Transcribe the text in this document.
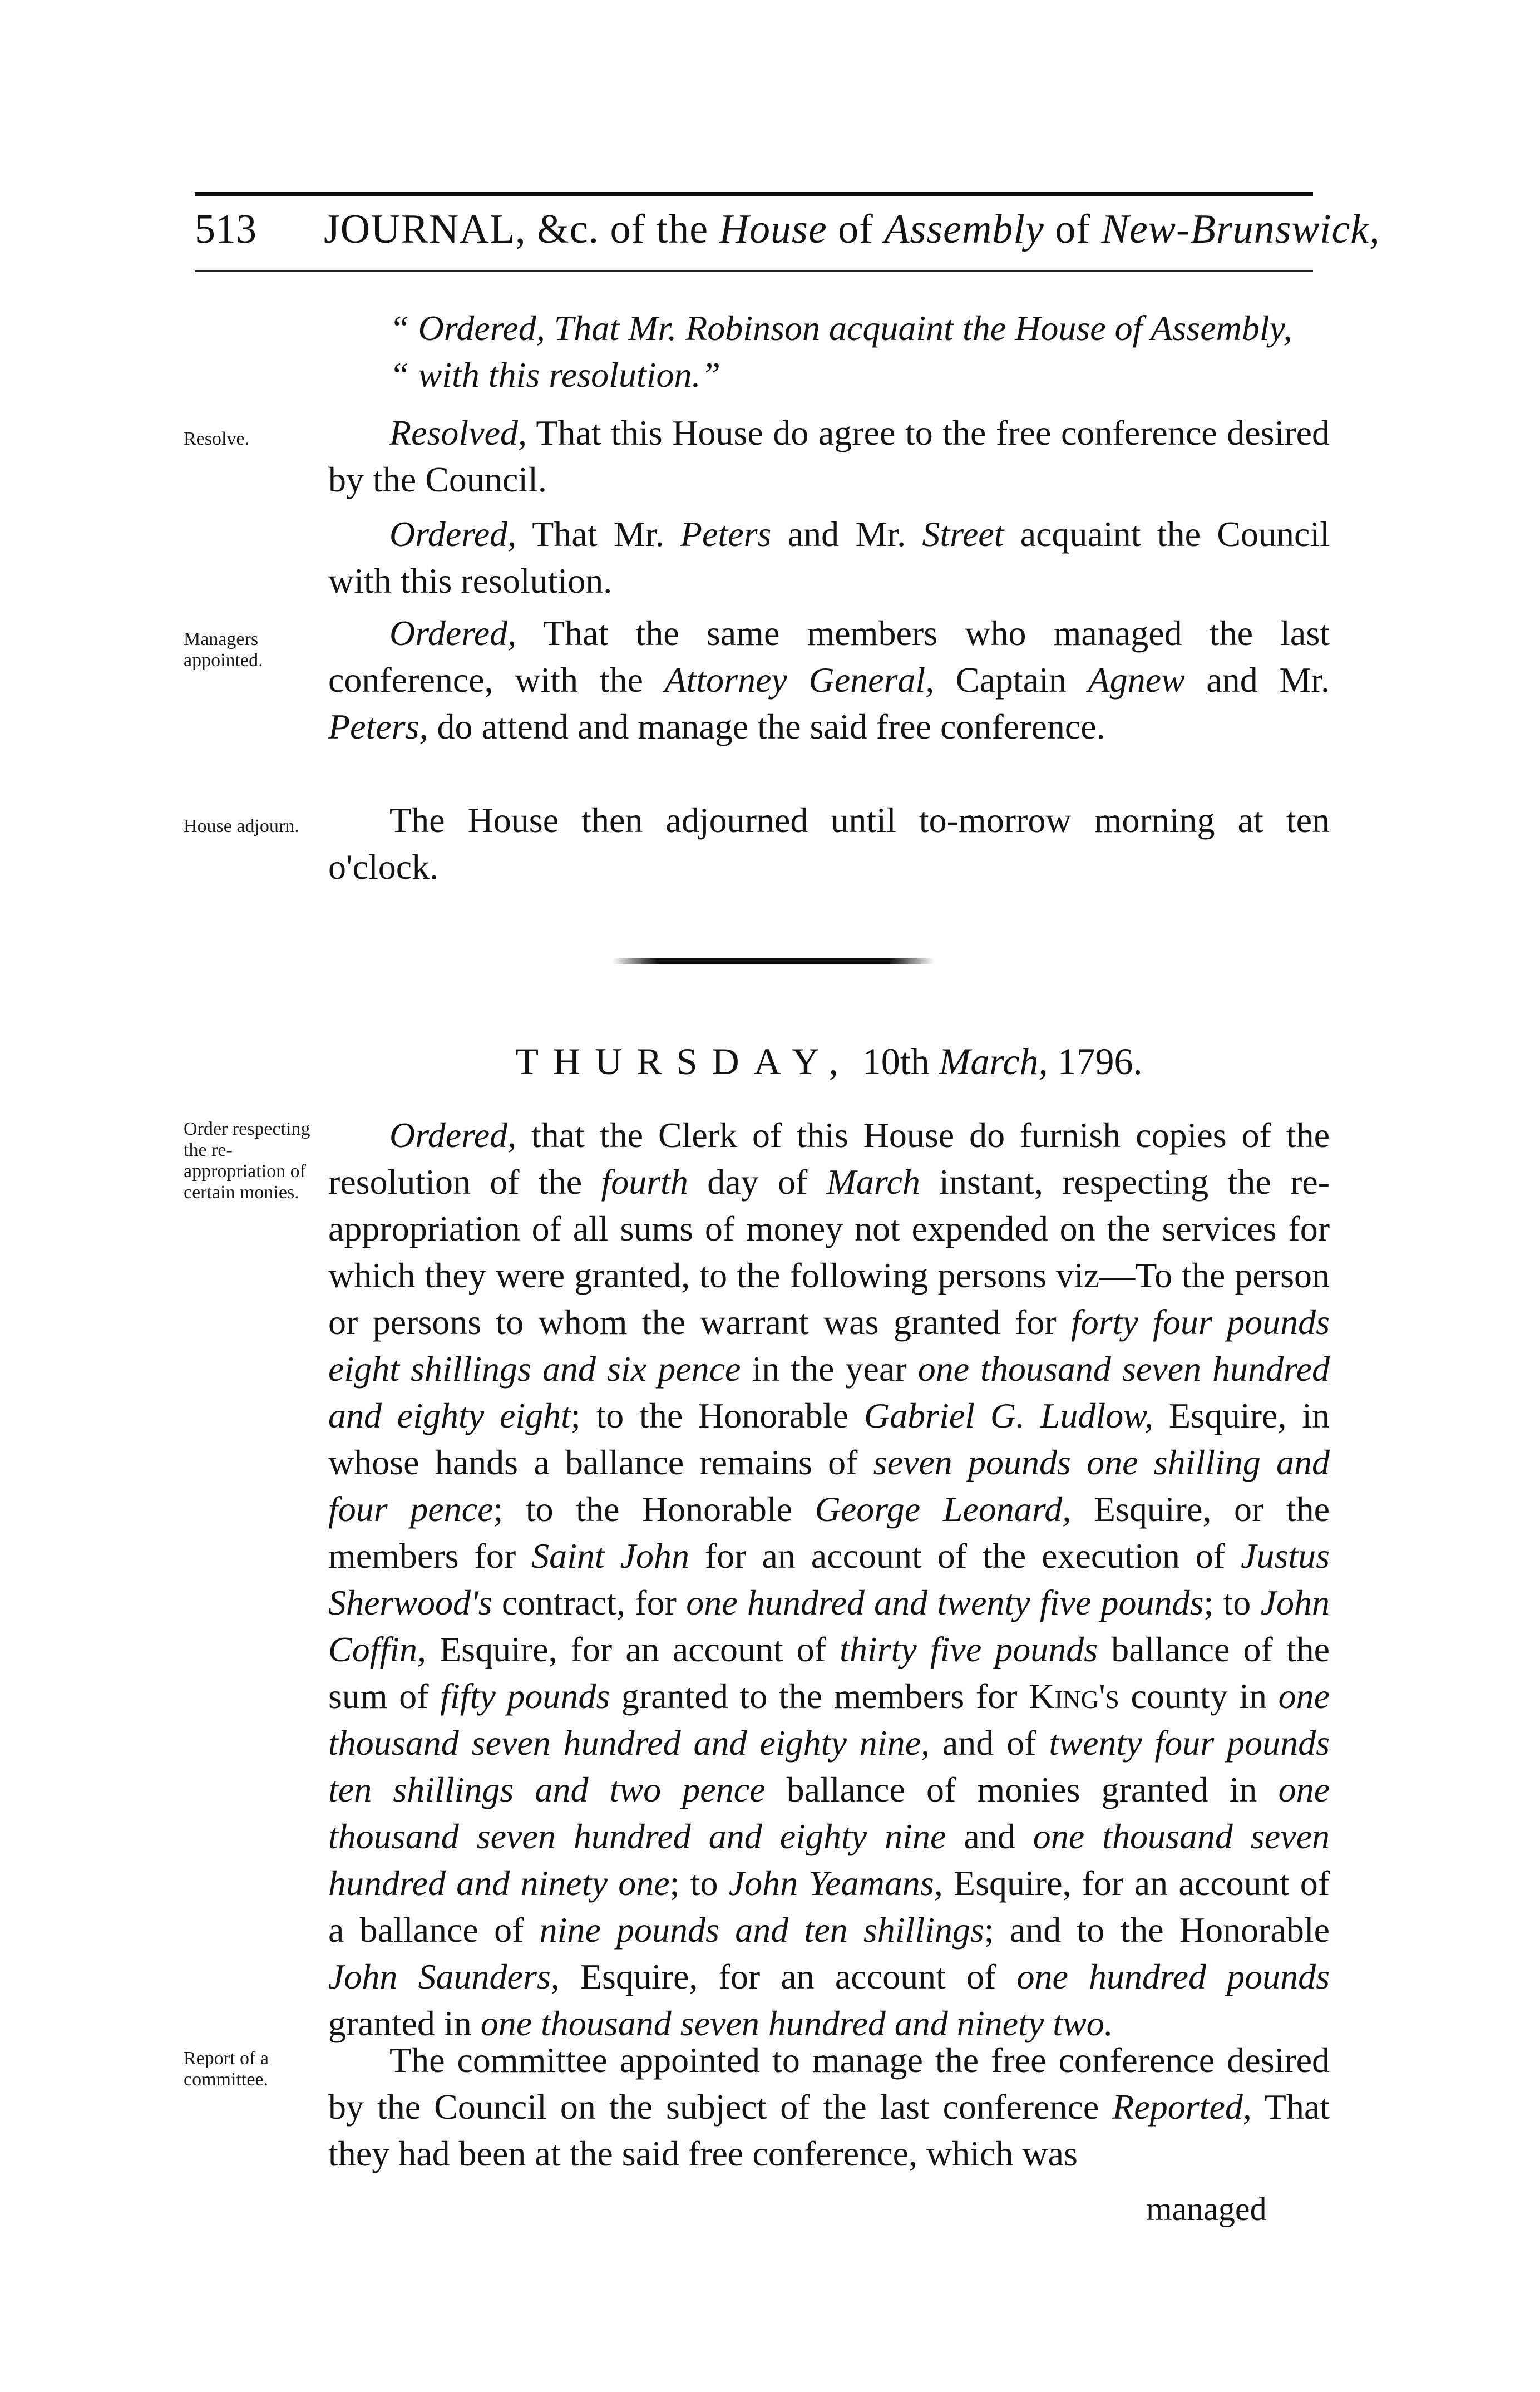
513 JOURNAL, &c. of the House of Assembly of New-Brunswick,

“ Ordered, That Mr. Robinson acquaint the House of Assembly,

“ with this resolution.”

Resolve.	Resolved, That this House do agree to the free conference desired by the Council.

Ordered, That Mr. Peters and Mr. Street acquaint the Council with this resolution.

Managers appointed.

Ordered, That the same members who managed the last conference, with the Attorney General, Captain Agnew and Mr. Peters, do attend and manage the said free conference.

House adjourn.	The House then adjourned until to-morrow morning at ten o'clock.

THURSDAY, 10th March, 1796.
Order respecting the re-appropriation of certain monies.

Ordered, that the Clerk of this House do furnish copies of the resolution of the fourth day of March instant, respecting the re-appropriation of all sums of money not expended on the services for which they were granted, to the following persons viz—To the person or persons to whom the warrant was granted for forty four pounds eight shillings and six pence in the year one thousand seven hundred and eighty eight; to the Honorable Gabriel G. Ludlow, Esquire, in whose hands a ballance remains of seven pounds one shilling and four pence; to the Honorable George Leonard, Esquire, or the members for Saint John for an account of the execution of Justus Sherwood's contract, for one hundred and twenty five pounds; to John Coffin, Esquire, for an account of thirty five pounds ballance of the sum of fifty pounds granted to the members for King's county in one thousand seven hundred and eighty nine, and of twenty four pounds ten shillings and two pence ballance of monies granted in one thousand seven hundred and eighty nine and one thousand seven hundred and ninety one; to John Yeamans, Esquire, for an account of a ballance of nine pounds and ten shillings; and to the Honorable John Saunders, Esquire, for an account of one hundred pounds granted in one thousand seven hundred and ninety two.

Report of a committee.	The committee appointed to manage the free conference desired by the Council on the subject of the last conference Reported, That they had been at the said free conference, which was

managed
